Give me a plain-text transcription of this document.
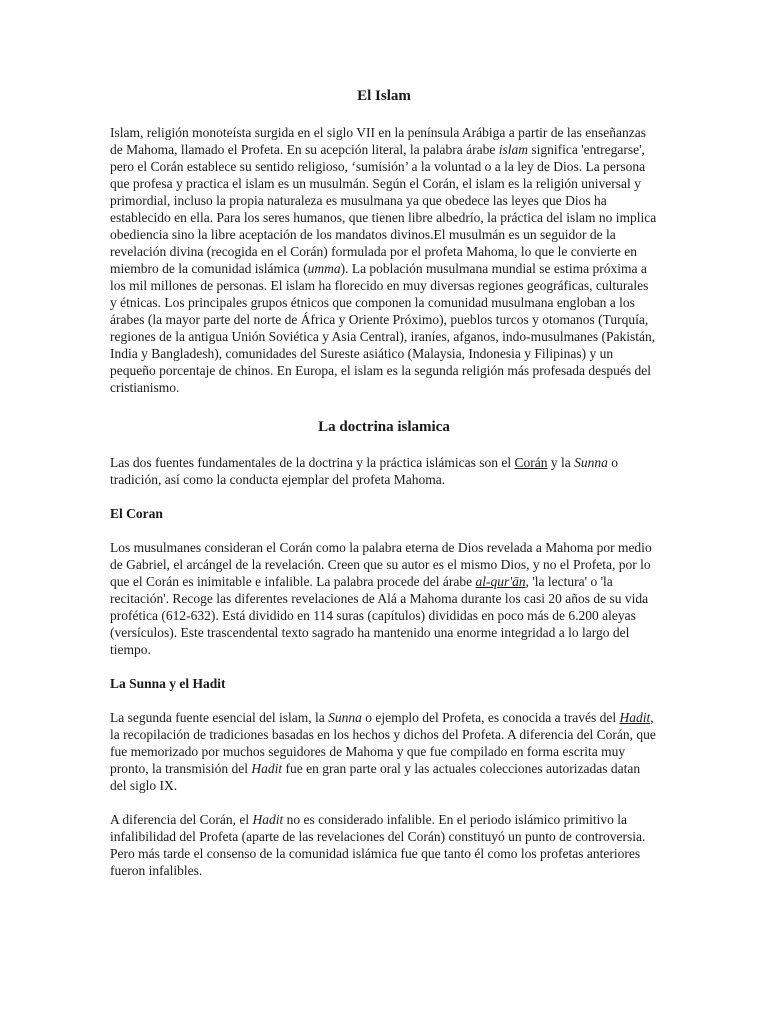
El Islam

Islam, religión monoteísta surgida en el siglo VII en la península Arábiga a partir de las enseñanzas de Mahoma, llamado el Profeta. En su acepción literal, la palabra árabe islam significa 'entregarse', pero el Corán establece su sentido religioso, ‘sumisión’ a la voluntad o a la ley de Dios. La persona que profesa y practica el islam es un musulmán. Según el Corán, el islam es la religión universal y primordial, incluso la propia naturaleza es musulmana ya que obedece las leyes que Dios ha establecido en ella. Para los seres humanos, que tienen libre albedrío, la práctica del islam no implica obediencia sino la libre aceptación de los mandatos divinos.El musulmán es un seguidor de la revelación divina (recogida en el Corán) formulada por el profeta Mahoma, lo que le convierte en miembro de la comunidad islámica (umma). La población musulmana mundial se estima próxima a los mil millones de personas. El islam ha florecido en muy diversas regiones geográficas, culturales y étnicas. Los principales grupos étnicos que componen la comunidad musulmana engloban a los árabes (la mayor parte del norte de África y Oriente Próximo), pueblos turcos y otomanos (Turquía, regiones de la antigua Unión Soviética y Asia Central), iraníes, afganos, indo-musulmanes (Pakistán, India y Bangladesh), comunidades del Sureste asiático (Malaysia, Indonesia y Filipinas) y un pequeño porcentaje de chinos. En Europa, el islam es la segunda religión más profesada después del cristianismo.

La doctrina islamica

Las dos fuentes fundamentales de la doctrina y la práctica islámicas son el Corán y la Sunna o tradición, así como la conducta ejemplar del profeta Mahoma.

El Coran

Los musulmanes consideran el Corán como la palabra eterna de Dios revelada a Mahoma por medio de Gabriel, el arcángel de la revelación. Creen que su autor es el mismo Dios, y no el Profeta, por lo que el Corán es inimitable e infalible. La palabra procede del árabe al-qur'ān, 'la lectura' o 'la recitación'. Recoge las diferentes revelaciones de Alá a Mahoma durante los casi 20 años de su vida profética (612-632). Está dividido en 114 suras (capítulos) divididas en poco más de 6.200 aleyas (versículos). Este trascendental texto sagrado ha mantenido una enorme integridad a lo largo del tiempo.

La Sunna y el Hadit

La segunda fuente esencial del islam, la Sunna o ejemplo del Profeta, es conocida a través del Hadit, la recopilación de tradiciones basadas en los hechos y dichos del Profeta. A diferencia del Corán, que fue memorizado por muchos seguidores de Mahoma y que fue compilado en forma escrita muy pronto, la transmisión del Hadit fue en gran parte oral y las actuales colecciones autorizadas datan del siglo IX.

A diferencia del Corán, el Hadit no es considerado infalible. En el periodo islámico primitivo la infalibilidad del Profeta (aparte de las revelaciones del Corán) constituyó un punto de controversia. Pero más tarde el consenso de la comunidad islámica fue que tanto él como los profetas anteriores fueron infalibles.
